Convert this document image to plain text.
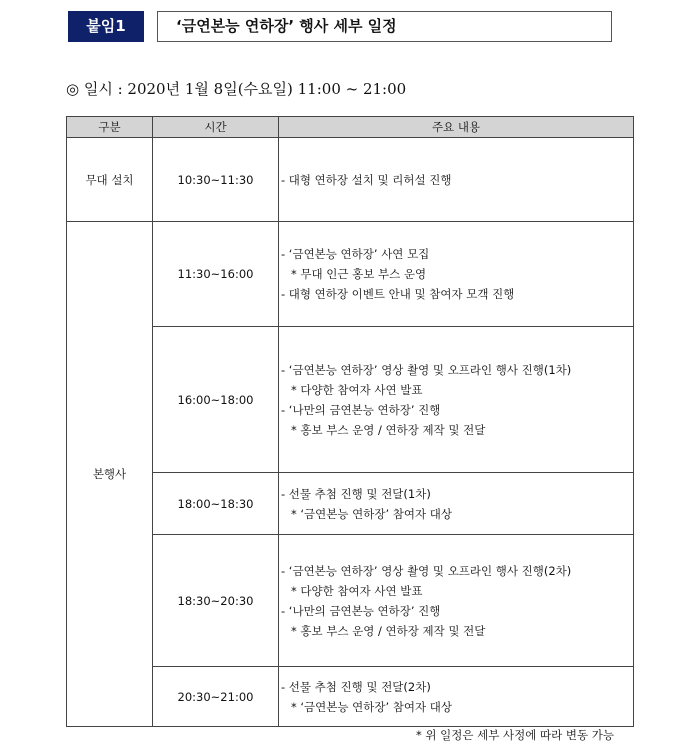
붙임1	‘금연본능 연하장’ 행사 세부 일정
◎ 일시 : 2020년 1월 8일(수요일) 11:00 ~ 21:00
구분	시간	주요 내용
무대 설치	10:30~11:30	- 대형 연하장 설치 및 리허설 진행

본행사	11:30~16:00	- ‘금연본능 연하장’ 사연 모집
* 무대 인근 홍보 부스 운영
- 대형 연하장 이벤트 안내 및 참여자 모객 진행

	16:00~18:00	- ‘금연본능 연하장’ 영상 촬영 및 오프라인 행사 진행(1차)
* 다양한 참여자 사연 발표
- ‘나만의 금연본능 연하장’ 진행
* 홍보 부스 운영 / 연하장 제작 및 전달

	18:00~18:30	- 선물 추첨 진행 및 전달(1차)
* ‘금연본능 연하장’ 참여자 대상

	18:30~20:30	- ‘금연본능 연하장’ 영상 촬영 및 오프라인 행사 진행(2차)
* 다양한 참여자 사연 발표
- ‘나만의 금연본능 연하장’ 진행
* 홍보 부스 운영 / 연하장 제작 및 전달

	20:30~21:00	- 선물 추첨 진행 및 전달(2차)
* ‘금연본능 연하장’ 참여자 대상
* 위 일정은 세부 사정에 따라 변동 가능
